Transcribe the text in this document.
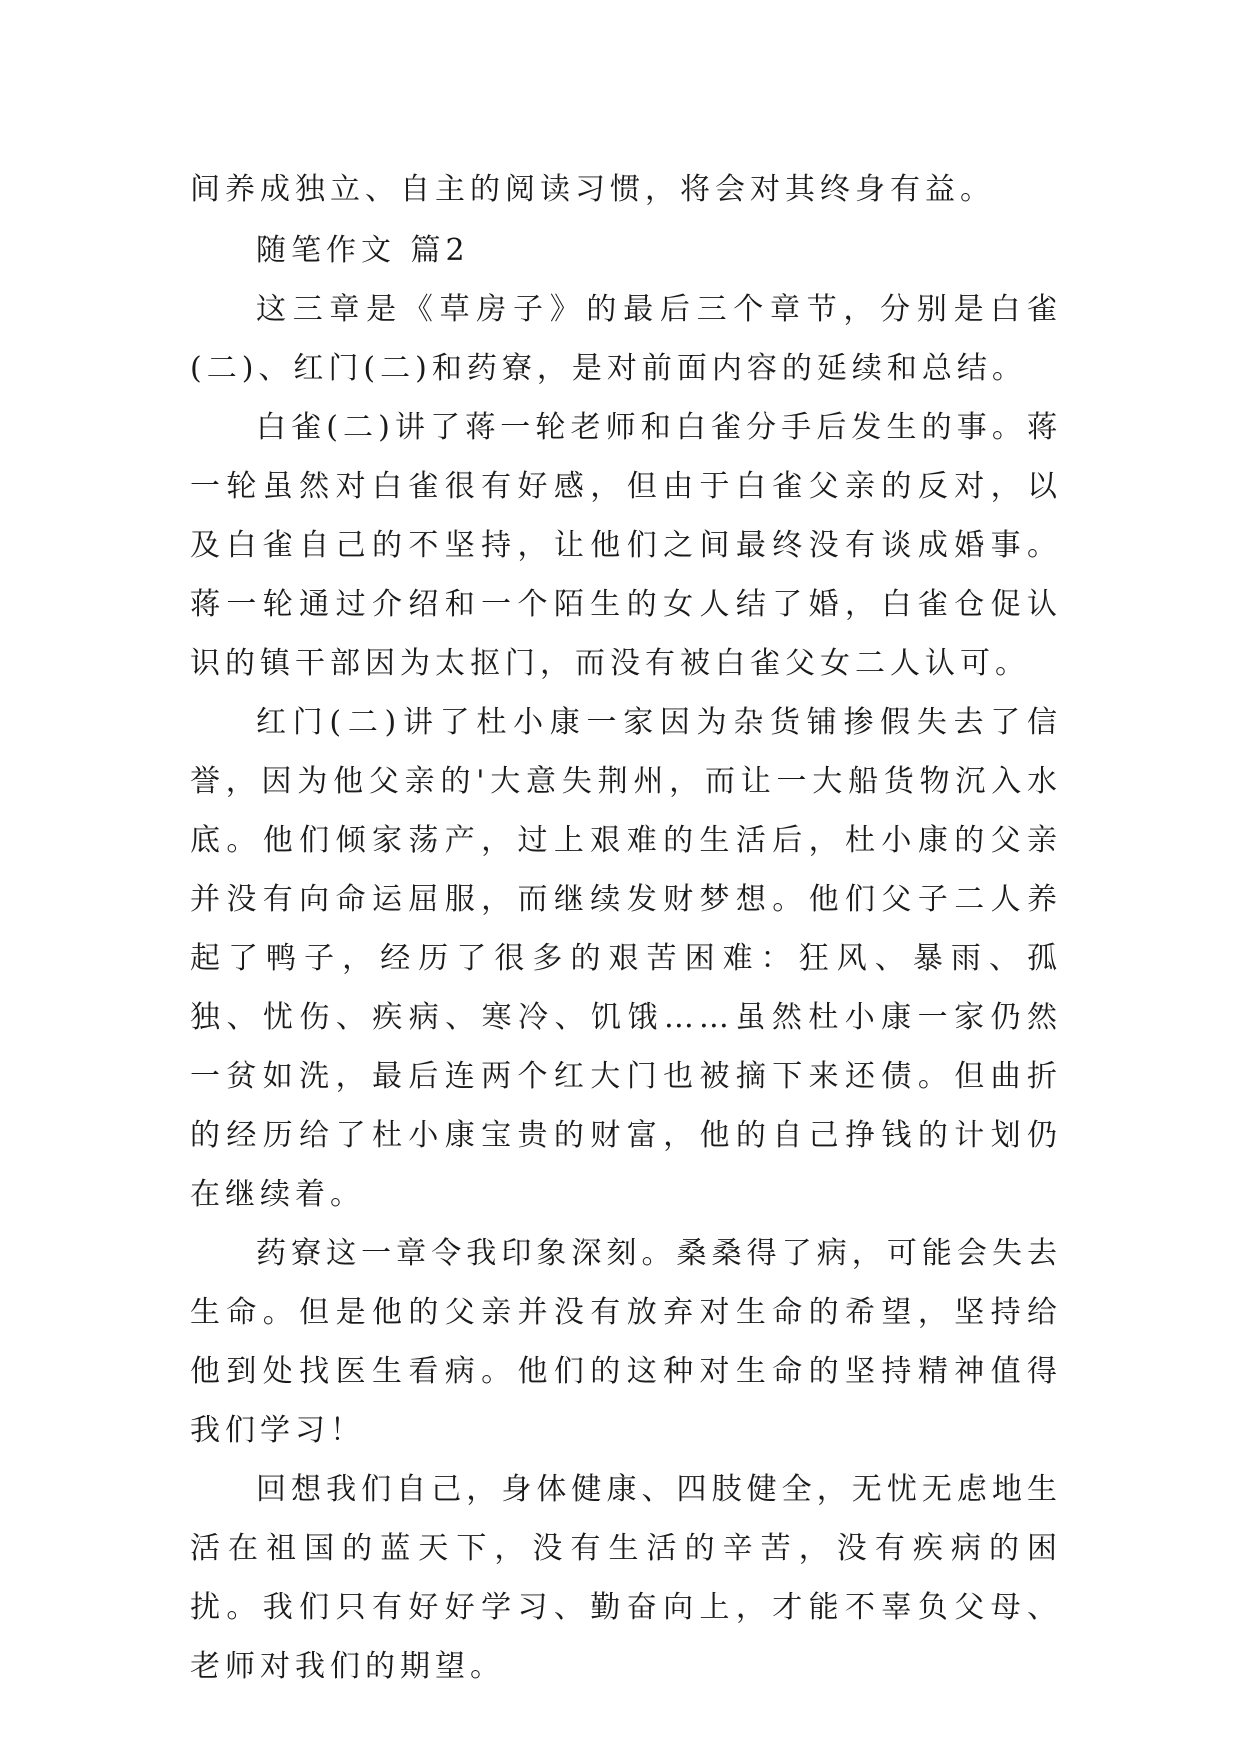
间养成独立、自主的阅读习惯，将会对其终身有益。

随笔作文 篇2

这三章是《草房子》的最后三个章节，分别是白雀(二)、红门(二)和药寮，是对前面内容的延续和总结。

白雀(二)讲了蒋一轮老师和白雀分手后发生的事。蒋一轮虽然对白雀很有好感，但由于白雀父亲的反对，以及白雀自己的不坚持，让他们之间最终没有谈成婚事。蒋一轮通过介绍和一个陌生的女人结了婚，白雀仓促认识的镇干部因为太抠门，而没有被白雀父女二人认可。

红门(二)讲了杜小康一家因为杂货铺掺假失去了信誉，因为他父亲的'大意失荆州，而让一大船货物沉入水底。他们倾家荡产，过上艰难的生活后，杜小康的父亲并没有向命运屈服，而继续发财梦想。他们父子二人养起了鸭子，经历了很多的艰苦困难：狂风、暴雨、孤独、忧伤、疾病、寒冷、饥饿……虽然杜小康一家仍然一贫如洗，最后连两个红大门也被摘下来还债。但曲折的经历给了杜小康宝贵的财富，他的自己挣钱的计划仍在继续着。

药寮这一章令我印象深刻。桑桑得了病，可能会失去生命。但是他的父亲并没有放弃对生命的希望，坚持给他到处找医生看病。他们的这种对生命的坚持精神值得我们学习！

回想我们自己，身体健康、四肢健全，无忧无虑地生活在祖国的蓝天下，没有生活的辛苦，没有疾病的困扰。我们只有好好学习、勤奋向上，才能不辜负父母、老师对我们的期望。
